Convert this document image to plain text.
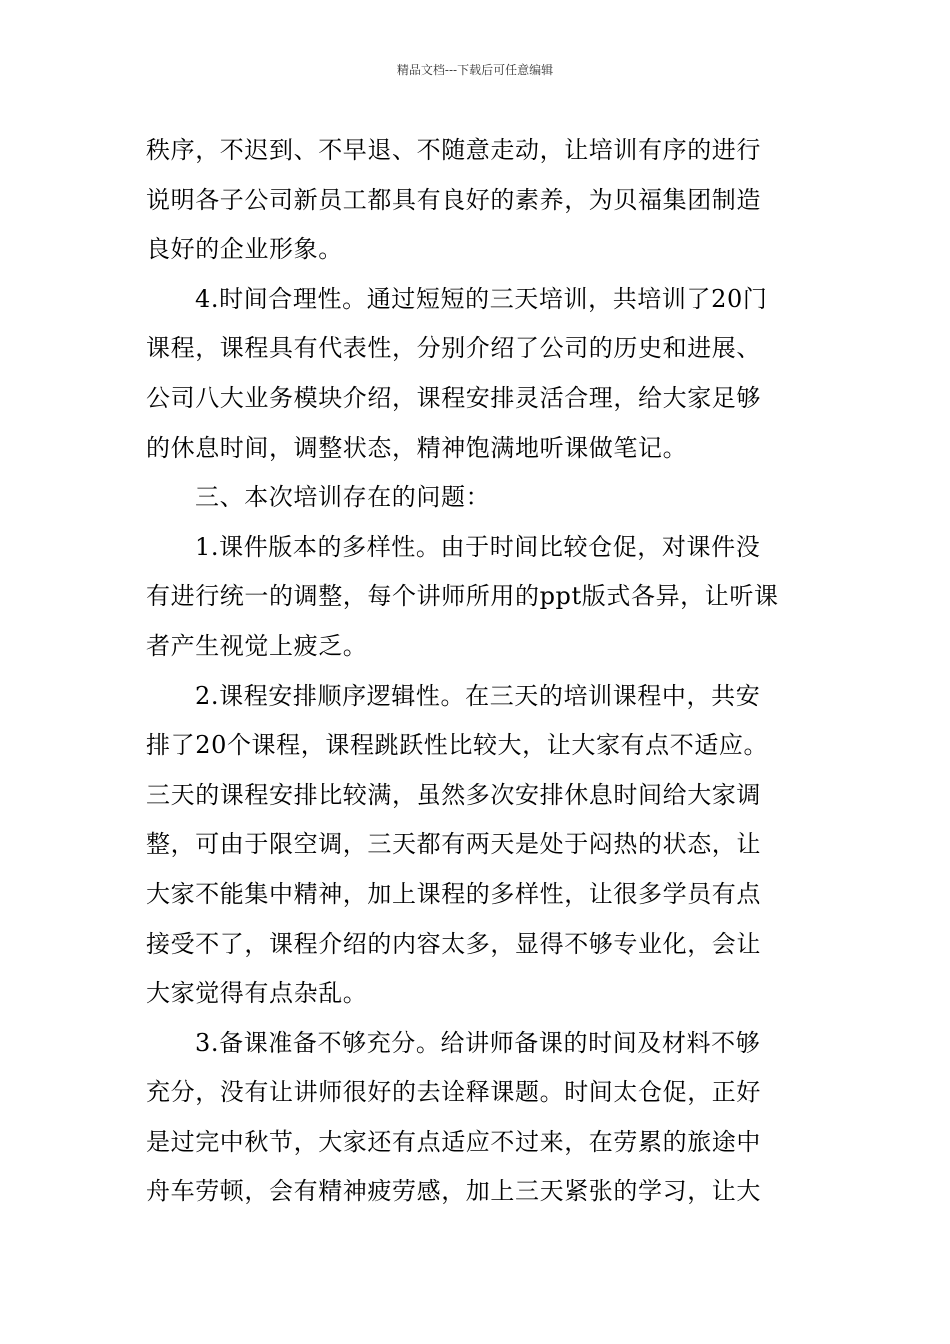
精品文档---下载后可任意编辑
秩序，不迟到、不早退、不随意走动，让培训有序的进行
说明各子公司新员工都具有良好的素养，为贝福集团制造
良好的企业形象。
4.时间合理性。通过短短的三天培训，共培训了20门
课程，课程具有代表性，分别介绍了公司的历史和进展、
公司八大业务模块介绍，课程安排灵活合理，给大家足够
的休息时间，调整状态，精神饱满地听课做笔记。
三、本次培训存在的问题：
1.课件版本的多样性。由于时间比较仓促，对课件没
有进行统一的调整，每个讲师所用的ppt版式各异，让听课
者产生视觉上疲乏。
2.课程安排顺序逻辑性。在三天的培训课程中，共安
排了20个课程，课程跳跃性比较大，让大家有点不适应。
三天的课程安排比较满，虽然多次安排休息时间给大家调
整，可由于限空调，三天都有两天是处于闷热的状态，让
大家不能集中精神，加上课程的多样性，让很多学员有点
接受不了，课程介绍的内容太多，显得不够专业化，会让
大家觉得有点杂乱。
3.备课准备不够充分。给讲师备课的时间及材料不够
充分，没有让讲师很好的去诠释课题。时间太仓促，正好
是过完中秋节，大家还有点适应不过来，在劳累的旅途中
舟车劳顿，会有精神疲劳感，加上三天紧张的学习，让大
